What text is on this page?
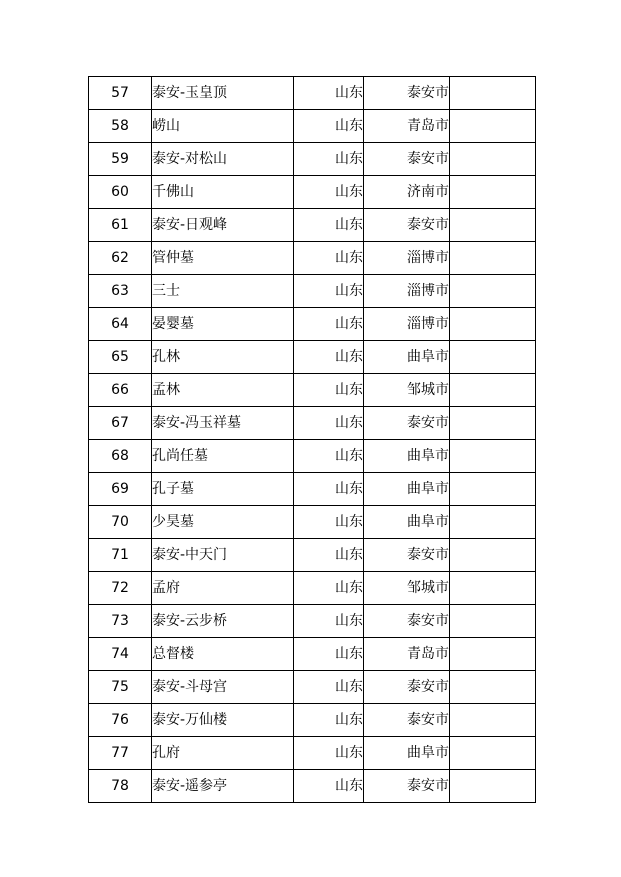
57	泰安-玉皇顶	山东	泰安市	
58	崂山	山东	青岛市	
59	泰安-对松山	山东	泰安市	
60	千佛山	山东	济南市	
61	泰安-日观峰	山东	泰安市	
62	管仲墓	山东	淄博市	
63	三士	山东	淄博市	
64	晏婴墓	山东	淄博市	
65	孔林	山东	曲阜市	
66	孟林	山东	邹城市	
67	泰安-冯玉祥墓	山东	泰安市	
68	孔尚任墓	山东	曲阜市	
69	孔子墓	山东	曲阜市	
70	少昊墓	山东	曲阜市	
71	泰安-中天门	山东	泰安市	
72	孟府	山东	邹城市	
73	泰安-云步桥	山东	泰安市	
74	总督楼	山东	青岛市	
75	泰安-斗母宫	山东	泰安市	
76	泰安-万仙楼	山东	泰安市	
77	孔府	山东	曲阜市	
78	泰安-遥参亭	山东	泰安市	
